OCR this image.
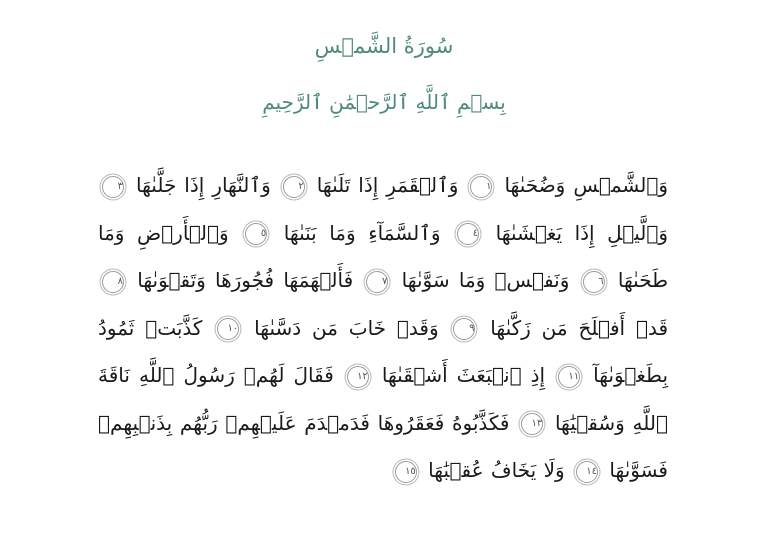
سُورَةُ الشَّمۡسِ
بِسۡمِ ٱللَّهِ ٱلرَّحۡمَٰنِ ٱلرَّحِيمِ
وَٱلشَّمۡسِ وَضُحَىٰهَا ١ وَٱلۡقَمَرِ إِذَا تَلَىٰهَا ٢ وَٱلنَّهَارِ إِذَا جَلَّىٰهَا ٣ وَٱلَّيۡلِ إِذَا يَغۡشَىٰهَا ٤ وَٱلسَّمَآءِ وَمَا بَنَىٰهَا ٥ وَٱلۡأَرۡضِ وَمَا طَحَىٰهَا ٦ وَنَفۡسٖ وَمَا سَوَّىٰهَا ٧ فَأَلۡهَمَهَا فُجُورَهَا وَتَقۡوَىٰهَا ٨ قَدۡ أَفۡلَحَ مَن زَكَّىٰهَا ٩ وَقَدۡ خَابَ مَن دَسَّىٰهَا ١٠ كَذَّبَتۡ ثَمُودُ بِطَغۡوَىٰهَآ ١١ إِذِ ٱنۢبَعَثَ أَشۡقَىٰهَا ١٢ فَقَالَ لَهُمۡ رَسُولُ ٱللَّهِ نَاقَةَ ٱللَّهِ وَسُقۡيَٰهَا ١٣ فَكَذَّبُوهُ فَعَقَرُوهَا فَدَمۡدَمَ عَلَيۡهِمۡ رَبُّهُم بِذَنۢبِهِمۡ فَسَوَّىٰهَا ١٤ وَلَا يَخَافُ عُقۡبَٰهَا ١٥
